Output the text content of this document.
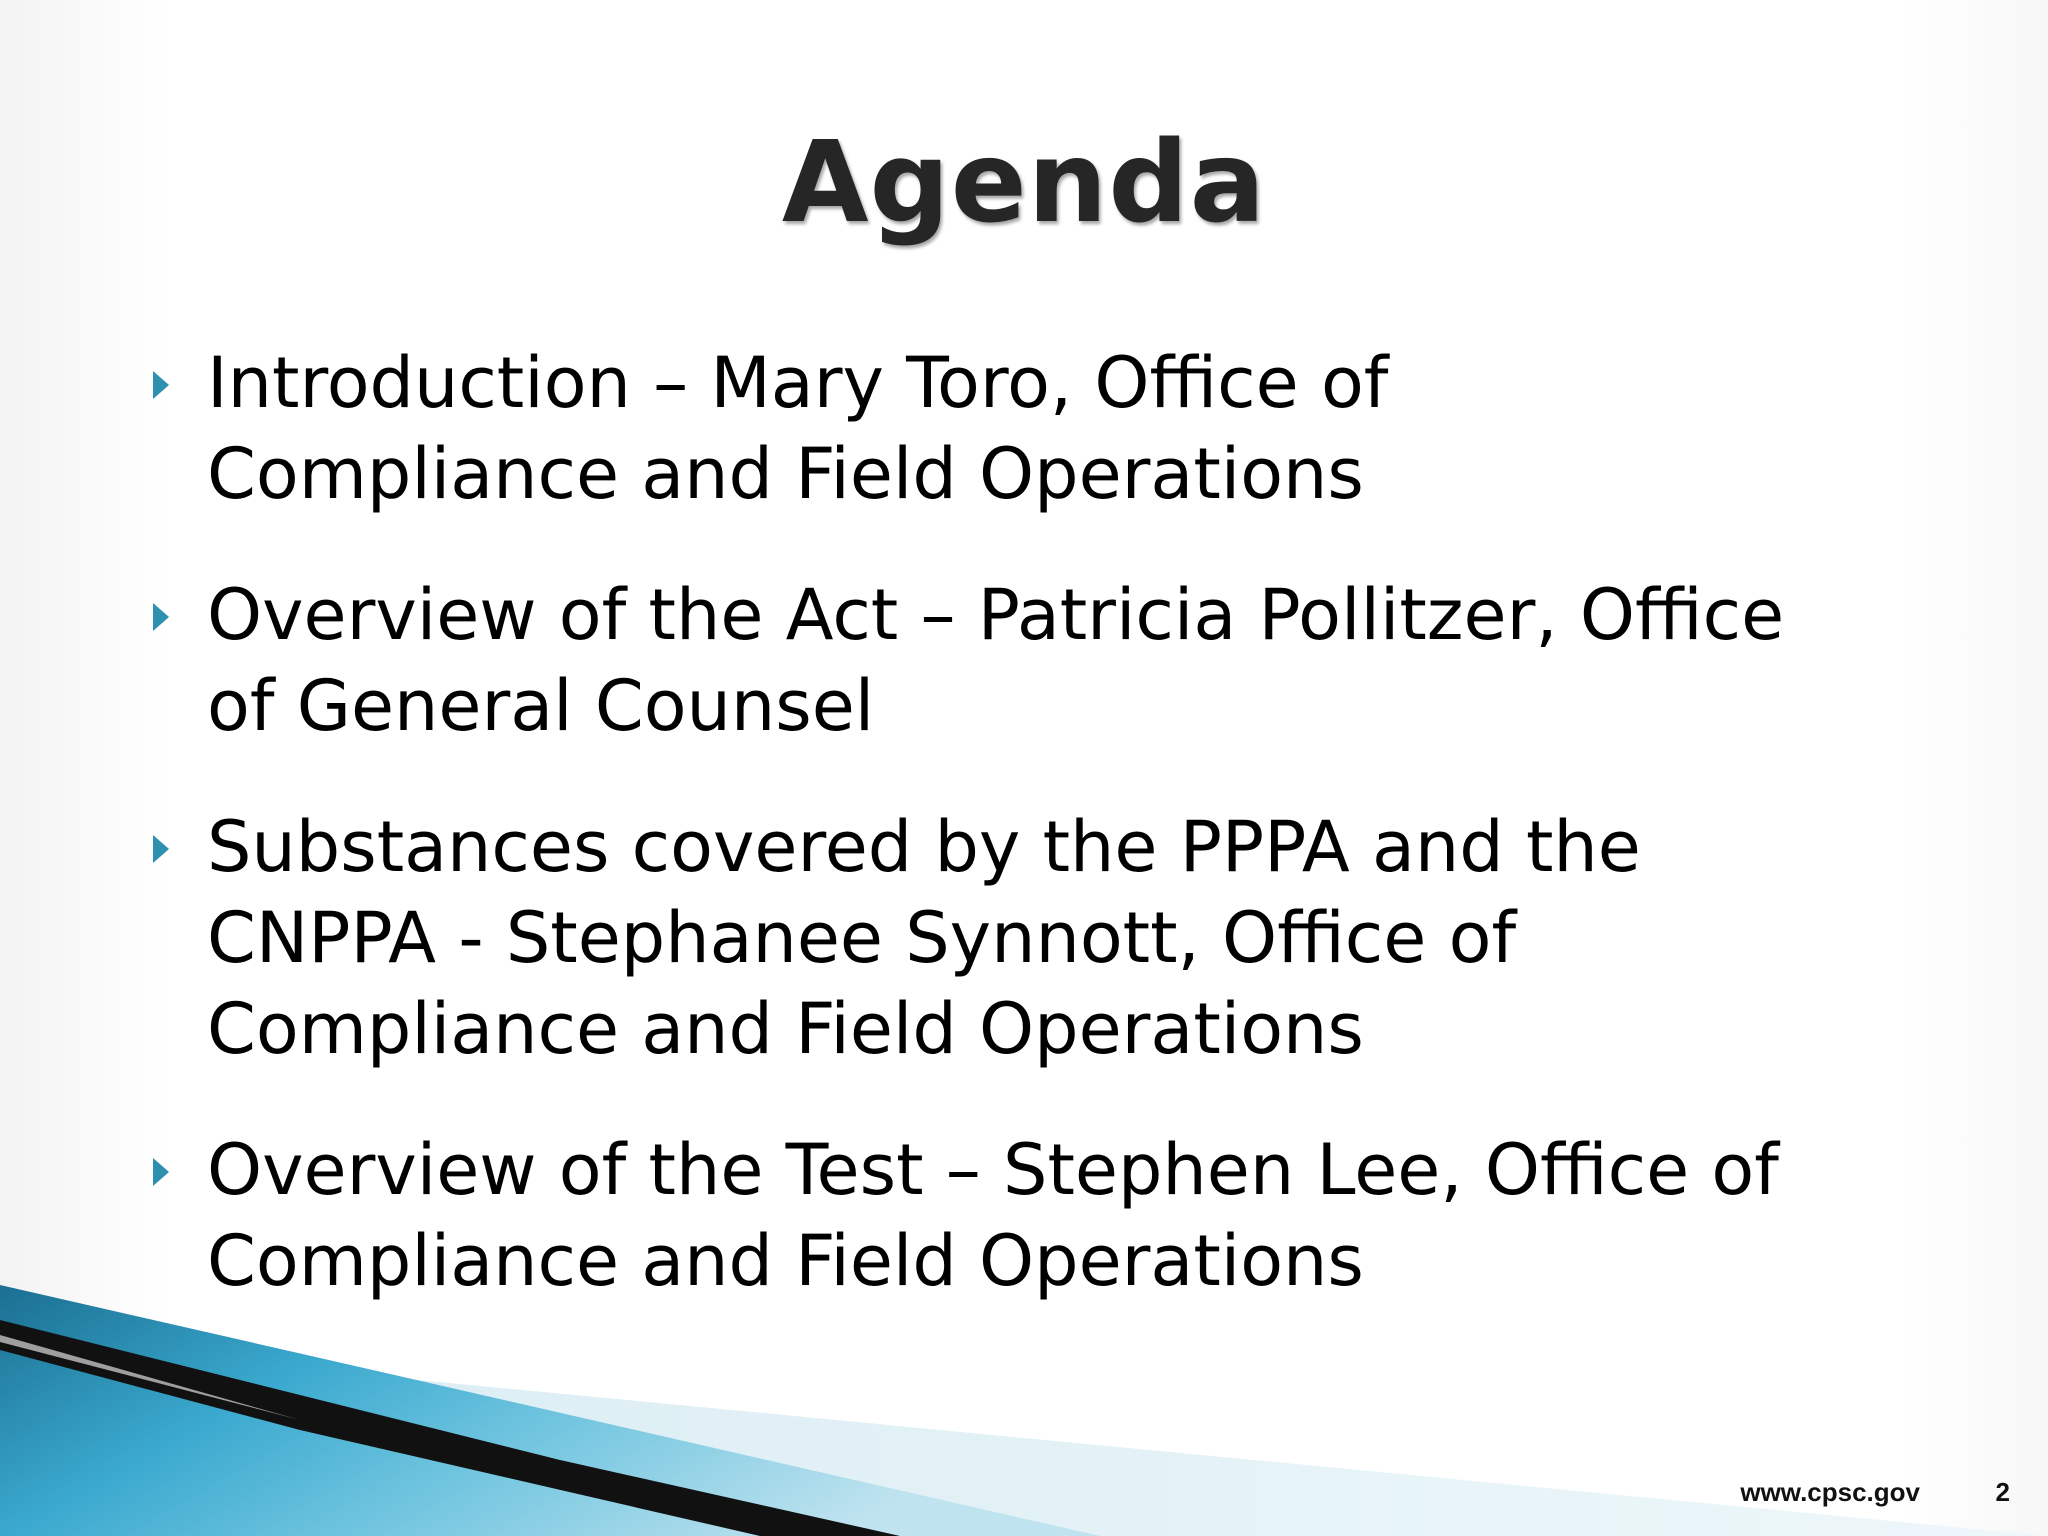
Agenda
Introduction – Mary Toro, Office of
Compliance and Field Operations
Overview of the Act – Patricia Pollitzer, Office
of General Counsel
Substances covered by the PPPA and the
CNPPA - Stephanee Synnott, Office of
Compliance and Field Operations
Overview of the Test – Stephen Lee, Office of
Compliance and Field Operations
www.cpsc.gov	2
